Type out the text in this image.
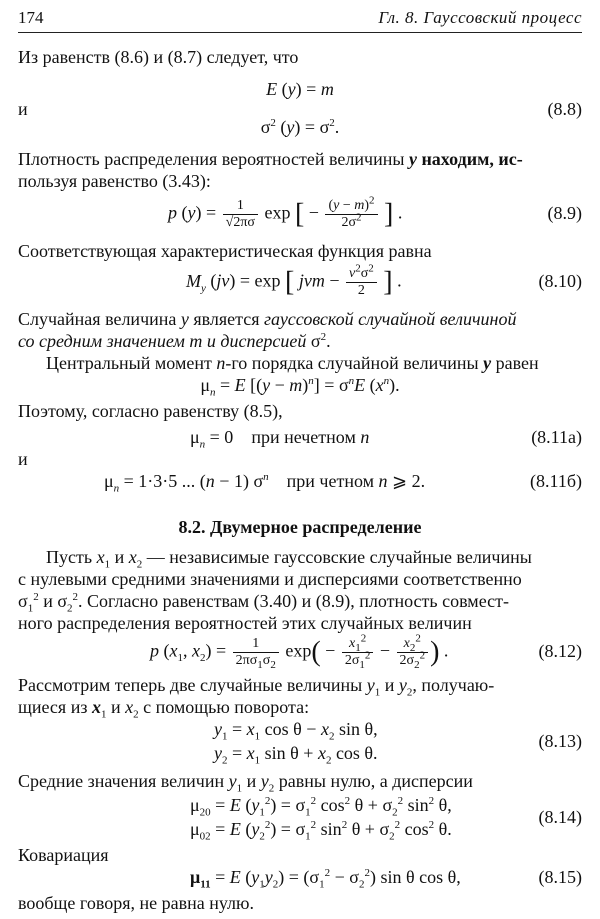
174	Гл. 8. Гауссовский процесс
Из равенств (8.6) и (8.7) следует, что
E (y) = m
и
$\sigma^2$ $(y) = \sigma^2$.
(8.8)
Плотность распределения вероятностей величины y находим, ис-
пользуя равенство (3.43):
p $(y) = \frac{1}{√2\pi\sigma}$ exp [ − $\frac{(y - m)^2}{2\sigma^2}$ ] .	(8.9)
Соответствующая характеристическая функция равна
$M_y$ (jv) = exp [ jvm − $\frac{v^2\sigma^2}{2}$ ] .	(8.10)
Случайная величина y является гауссовской случайной величиной
со средним значением m и дисперсией $\sigma^2$.
Центральный момент n-го порядка случайной величины y равен
$\mu_n = E$ $[(y - m)^n] = \sigma^nE$ $(x^n)$.
Поэтому, согласно равенству (8.5),
$\mu_n = 0$    при нечетном n	(8.11a)
и
$\mu_n = 1\cdot 3\cdot 5$ ... (n − 1) $\sigma^n$ при четном n ⩾ 2.	(8.11б)
8.2. Двумерное распределение
Пусть $x_1$ и $x_2$ — независимые гауссовские случайные величины
с нулевыми средними значениями и дисперсиями соответственно
$\sigma_1^2$ и $\sigma_2^2$. Согласно равенствам (3.40) и (8.9), плотность совмест-
ного распределения вероятностей этих случайных величин
p ($x_1$, $x_2) = \frac{1}{2\pi\sigma_1\sigma_2} \exp( - \frac{x_1^2}{2\sigma_1^2} - \frac{x_2^2}{2\sigma_2^2}$ ) .	(8.12)
Рассмотрим теперь две случайные величины $y_1$ и $y_2$, получаю-
щиеся из $x_1$ и $x_2$ с помощью поворота:
$y_1 = x_1$ $\cos \theta - x_2$ sin θ,
$y_2 = x_1$ $\sin \theta + x_2$ cos θ.
(8.13)
Средние значения величин $y_1$ и $y_2$ равны нулю, а дисперсии
$\mu_{20} = E$ $(y_1^2) = \sigma_1^2$ $\cos^2 \theta + \sigma_2^2$ $\sin^2 \theta$,
$\mu_{02} = E$ $(y_2^2) = \sigma_1^2$ $\sin^2 \theta + \sigma_2^2$ $\cos^2 \theta$.
(8.14)
Ковариация
$\mu_{11} = E$ $(y_1y_2) = (\sigma_1^2 - \sigma_2^2)$ sin θ cos θ,	(8.15)
вообще говоря, не равна нулю.
